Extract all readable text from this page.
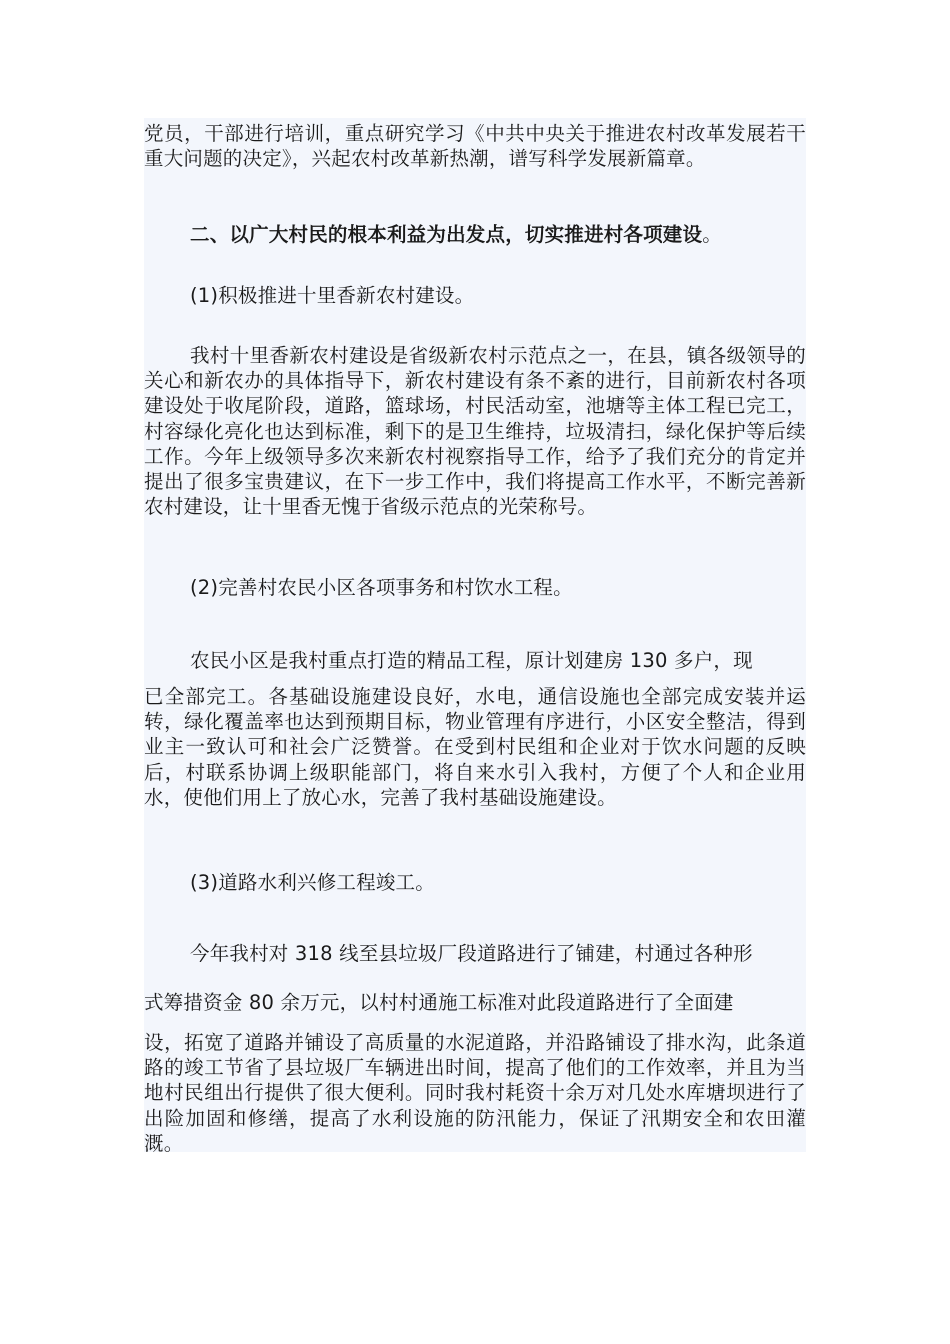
党员，干部进行培训，重点研究学习《中共中央关于推进农村改革发展若干重大问题的决定》，兴起农村改革新热潮，谱写科学发展新篇章。

二、以广大村民的根本利益为出发点，切实推进村各项建设。

(1)积极推进十里香新农村建设。

我村十里香新农村建设是省级新农村示范点之一，在县，镇各级领导的关心和新农办的具体指导下，新农村建设有条不紊的进行，目前新农村各项建设处于收尾阶段，道路，篮球场，村民活动室，池塘等主体工程已完工，村容绿化亮化也达到标准，剩下的是卫生维持，垃圾清扫，绿化保护等后续工作。今年上级领导多次来新农村视察指导工作，给予了我们充分的肯定并提出了很多宝贵建议，在下一步工作中，我们将提高工作水平，不断完善新农村建设，让十里香无愧于省级示范点的光荣称号。

(2)完善村农民小区各项事务和村饮水工程。

农民小区是我村重点打造的精品工程，原计划建房 130 多户，现

已全部完工。各基础设施建设良好，水电，通信设施也全部完成安装并运转，绿化覆盖率也达到预期目标，物业管理有序进行，小区安全整洁，得到业主一致认可和社会广泛赞誉。在受到村民组和企业对于饮水问题的反映后，村联系协调上级职能部门，将自来水引入我村，方便了个人和企业用水，使他们用上了放心水，完善了我村基础设施建设。

(3)道路水利兴修工程竣工。

今年我村对 318 线至县垃圾厂段道路进行了铺建，村通过各种形

式筹措资金 80 余万元，以村村通施工标准对此段道路进行了全面建

设，拓宽了道路并铺设了高质量的水泥道路，并沿路铺设了排水沟，此条道路的竣工节省了县垃圾厂车辆进出时间，提高了他们的工作效率，并且为当地村民组出行提供了很大便利。同时我村耗资十余万对几处水库塘坝进行了出险加固和修缮，提高了水利设施的防汛能力，保证了汛期安全和农田灌溉。
